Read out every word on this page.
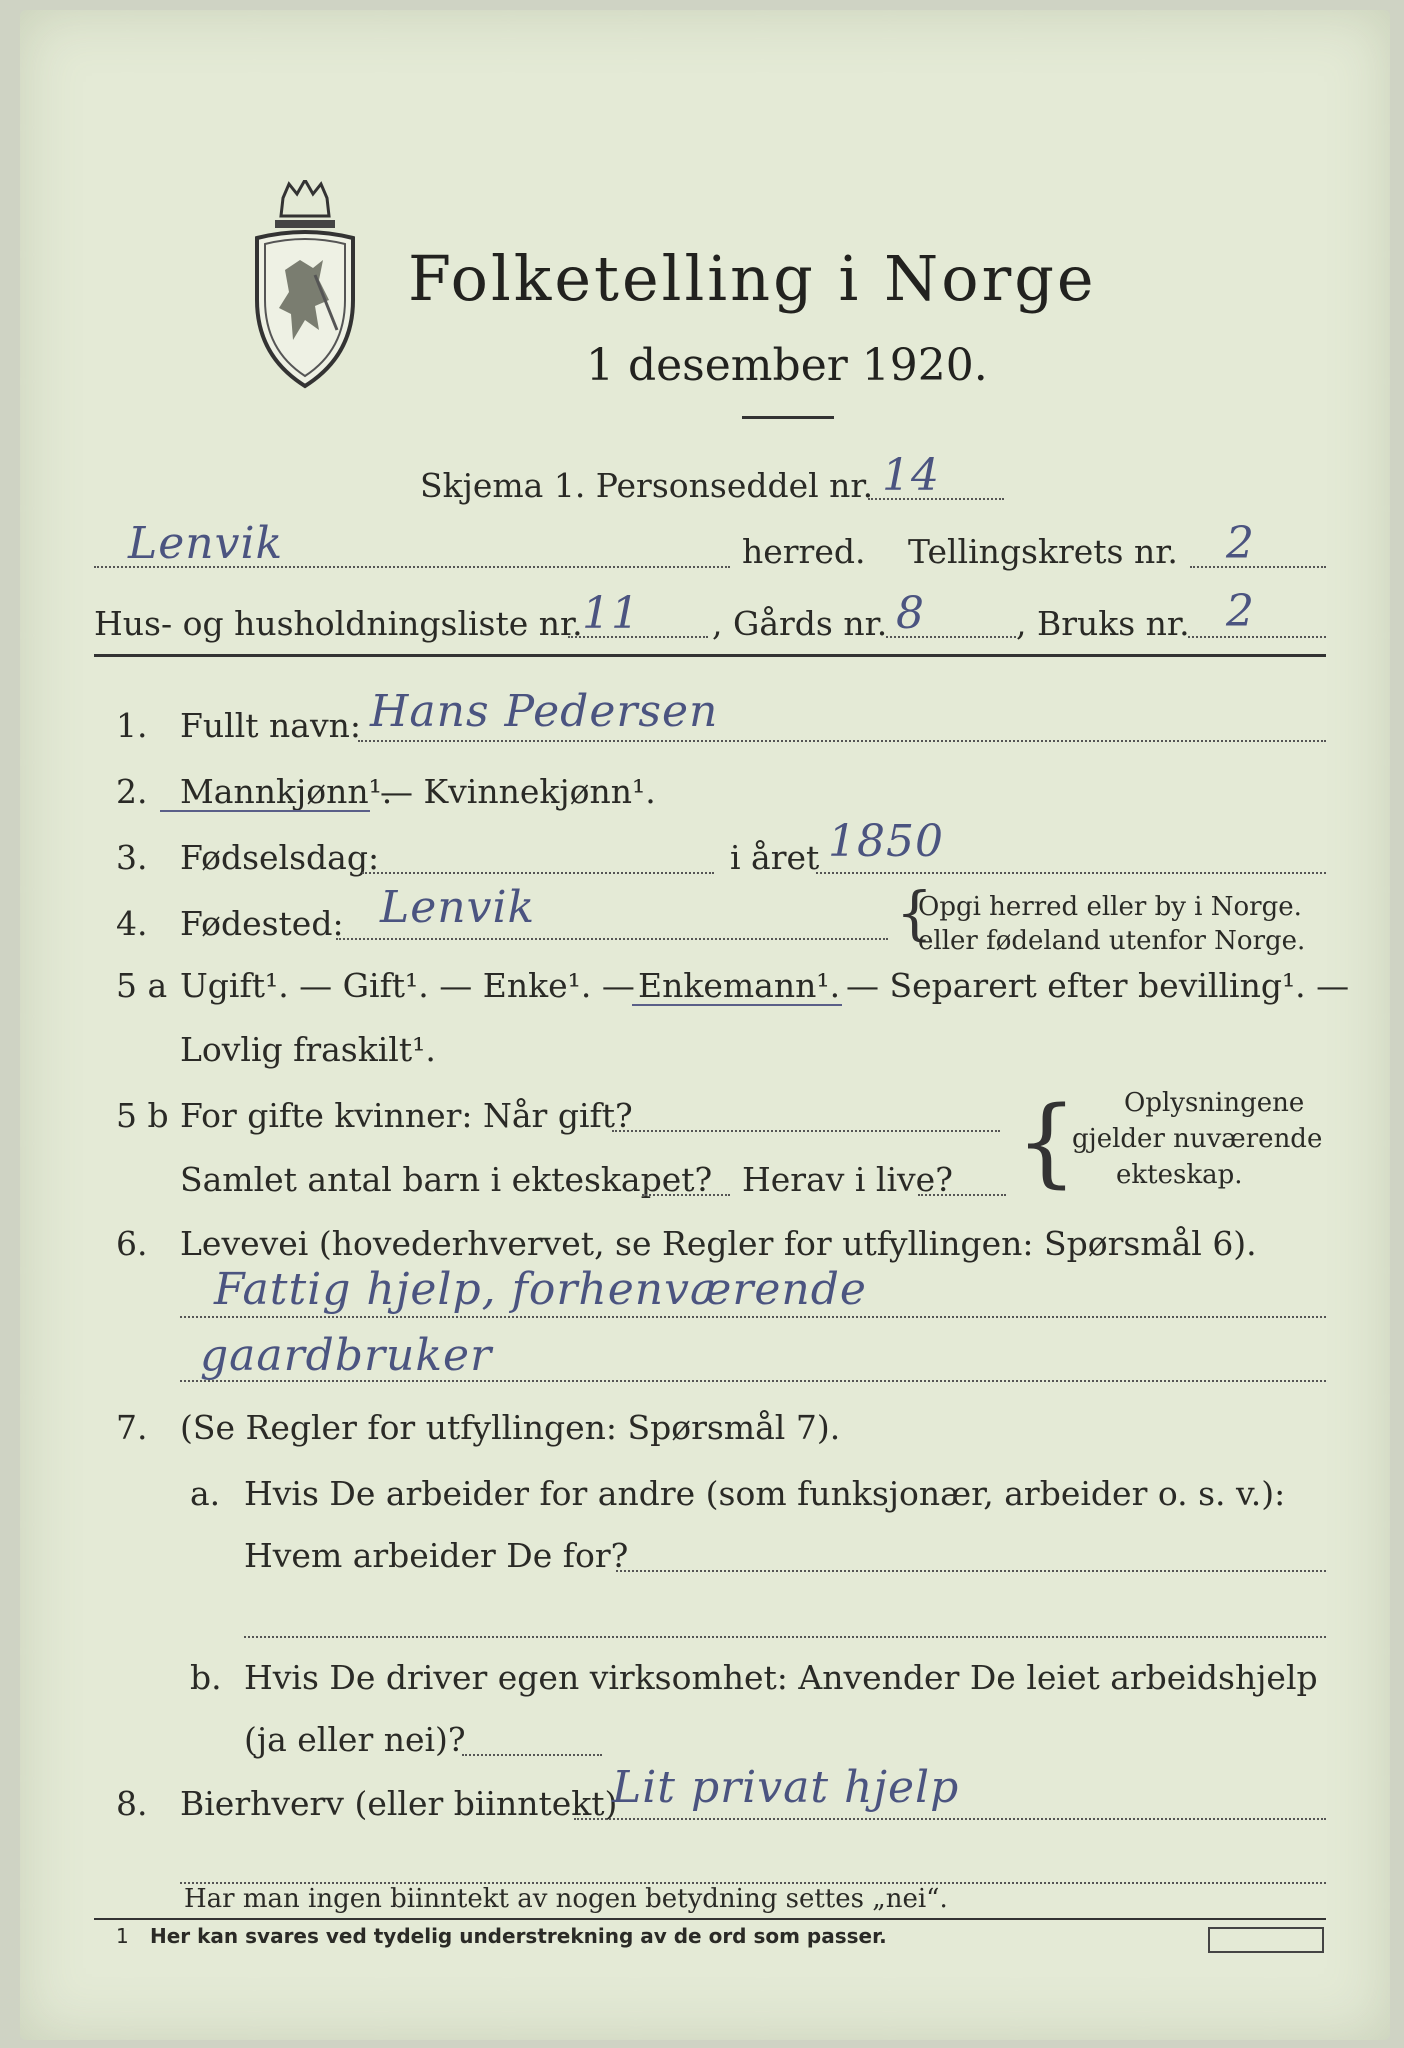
Folketelling i Norge
1 desember 1920.
Skjema 1. Personseddel nr. 14
Lenvik	herred. Tellingskrets nr. 2
Hus- og husholdningsliste nr. 11 , Gårds nr. 8	, Bruks nr. 2
1. Fullt navn: Hans Pedersen
2. Mannkjønn¹.
— Kvinnekjønn¹.
3. Fødselsdag:	i året 1850
4. Fødested: Lenvik	{
Opgi herred eller by i Norge.
eller fødeland utenfor Norge.
5 a Ugift¹. — Gift¹. — Enke¹. — Enkemann¹. — Separert efter bevilling¹. —
Lovlig fraskilt¹.
5 b For gifte kvinner: Når gift?
Samlet antal barn i ekteskapet? Herav i live? { Oplysningene
gjelder nuværende
ekteskap.
6. Levevei (hovederhvervet, se Regler for utfyllingen: Spørsmål 6).
Fattig hjelp, forhenværende
gaardbruker
7. (Se Regler for utfyllingen: Spørsmål 7).
a. Hvis De arbeider for andre (som funksjonær, arbeider o. s. v.):
Hvem arbeider De for?
b. Hvis De driver egen virksomhet: Anvender De leiet arbeidshjelp
(ja eller nei)?
8. Bierhverv (eller biinntekt)
Lit privat hjelp
Har man ingen biinntekt av nogen betydning settes „nei“.
1 Her kan svares ved tydelig understrekning av de ord som passer.
